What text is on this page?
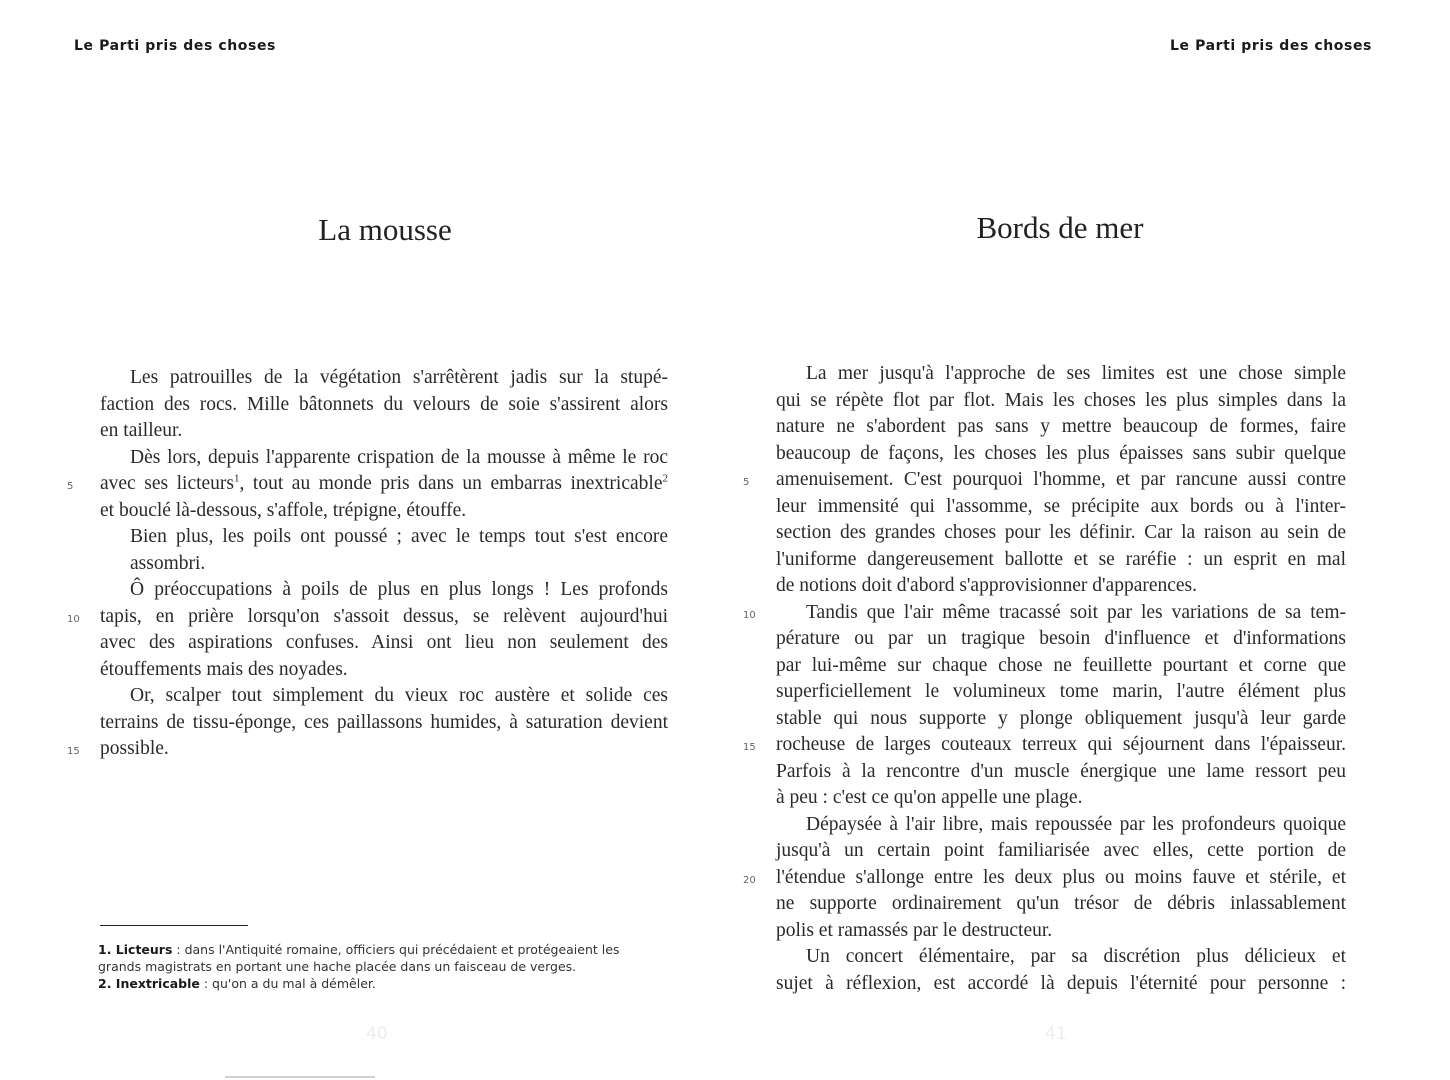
Le Parti pris des choses
La mousse
Les patrouilles de la végétation s'arrêtèrent jadis sur la stupé-
faction des rocs. Mille bâtonnets du velours de soie s'assirent alors
en tailleur.
Dès lors, depuis l'apparente crispation de la mousse à même le roc
5 avec ses licteurs$^1$, tout au monde pris dans un embarras inextricable$^2$
et bouclé là-dessous, s'affole, trépigne, étouffe.
Bien plus, les poils ont poussé ; avec le temps tout s'est encore
assombri.
Ô préoccupations à poils de plus en plus longs ! Les profonds
10 tapis, en prière lorsqu'on s'assoit dessus, se relèvent aujourd'hui
avec des aspirations confuses. Ainsi ont lieu non seulement des
étouffements mais des noyades.
Or, scalper tout simplement du vieux roc austère et solide ces
terrains de tissu-éponge, ces paillassons humides, à saturation devient
15 possible.
1. Licteurs : dans l'Antiquité romaine, officiers qui précédaient et protégeaient les
grands magistrats en portant une hache placée dans un faisceau de verges.
2. Inextricable : qu'on a du mal à démêler.
40
Le Parti pris des choses
Bords de mer
La mer jusqu'à l'approche de ses limites est une chose simple
qui se répète flot par flot. Mais les choses les plus simples dans la
nature ne s'abordent pas sans y mettre beaucoup de formes, faire
beaucoup de façons, les choses les plus épaisses sans subir quelque
5 amenuisement. C'est pourquoi l'homme, et par rancune aussi contre
leur immensité qui l'assomme, se précipite aux bords ou à l'inter-
section des grandes choses pour les définir. Car la raison au sein de
l'uniforme dangereusement ballotte et se raréfie : un esprit en mal
de notions doit d'abord s'approvisionner d'apparences.
10	Tandis que l'air même tracassé soit par les variations de sa tem-
pérature ou par un tragique besoin d'influence et d'informations
par lui-même sur chaque chose ne feuillette pourtant et corne que
superficiellement le volumineux tome marin, l'autre élément plus
stable qui nous supporte y plonge obliquement jusqu'à leur garde
15 rocheuse de larges couteaux terreux qui séjournent dans l'épaisseur.
Parfois à la rencontre d'un muscle énergique une lame ressort peu
à peu : c'est ce qu'on appelle une plage.
Dépaysée à l'air libre, mais repoussée par les profondeurs quoique
jusqu'à un certain point familiarisée avec elles, cette portion de
20 l'étendue s'allonge entre les deux plus ou moins fauve et stérile, et
ne supporte ordinairement qu'un trésor de débris inlassablement
polis et ramassés par le destructeur.
Un concert élémentaire, par sa discrétion plus délicieux et
sujet à réflexion, est accordé là depuis l'éternité pour personne :
41
